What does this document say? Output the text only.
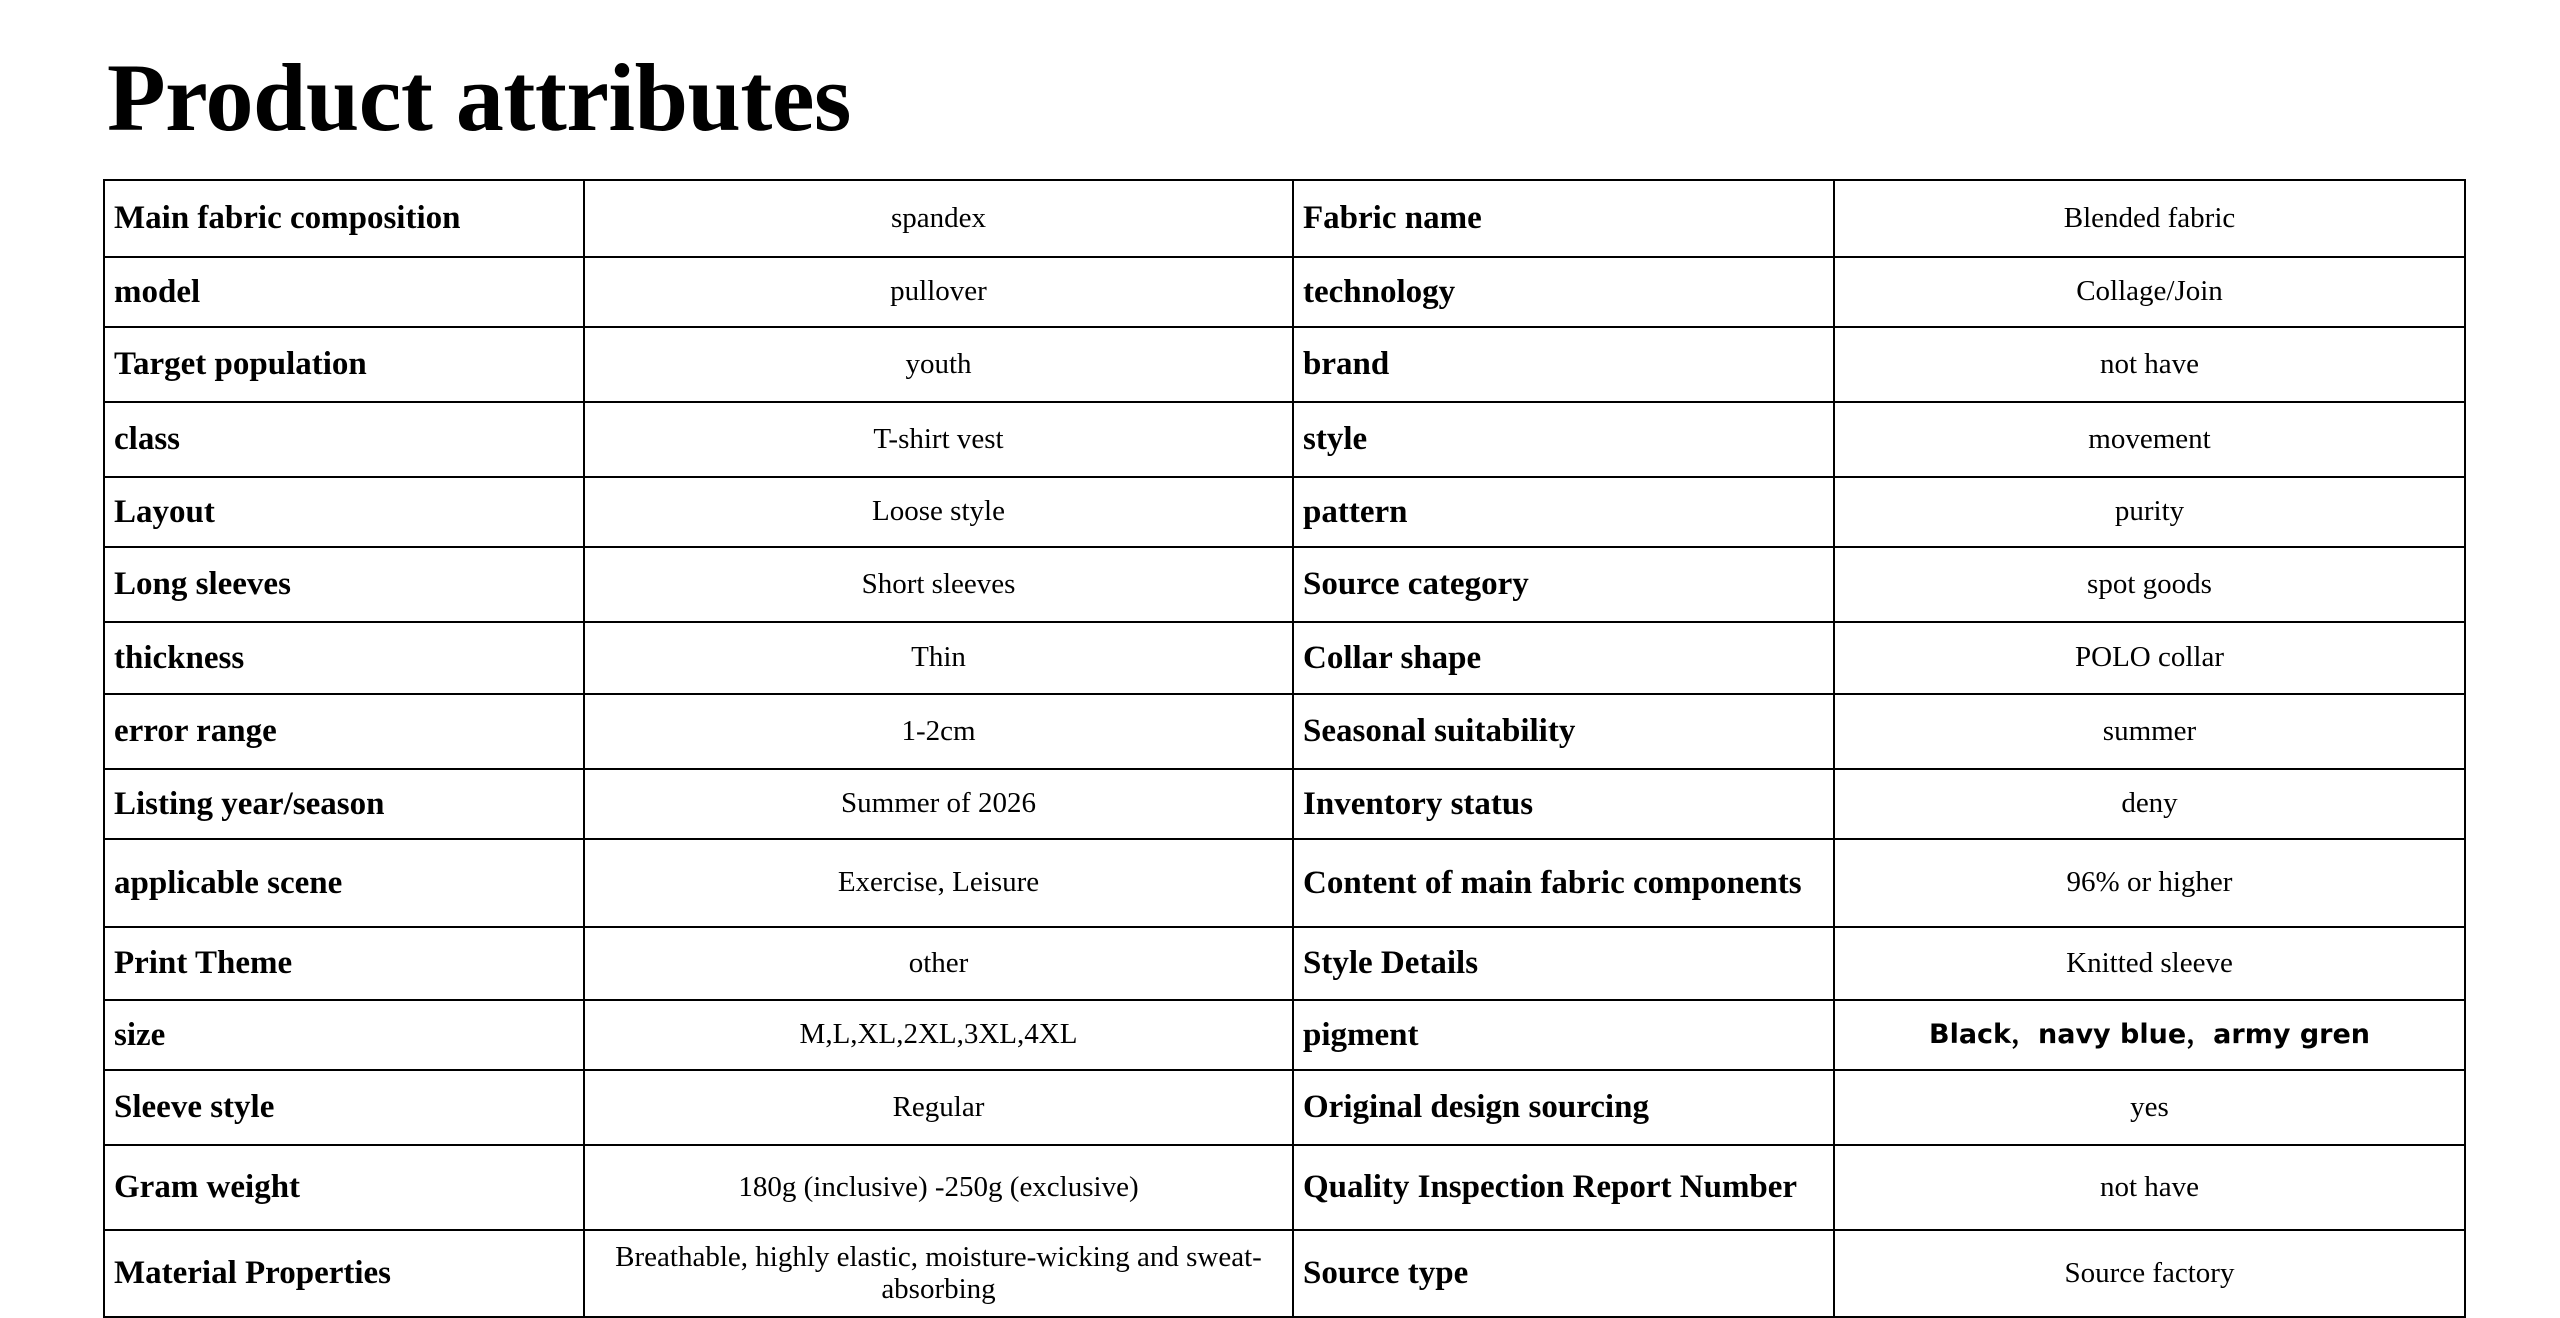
Product attributes
Main fabric composition	spandex	Fabric name	Blended fabric
model	pullover	technology	Collage/Join
Target population	youth	brand	not have
class	T-shirt vest	style	movement
Layout	Loose style	pattern	purity
Long sleeves	Short sleeves	Source category	spot goods
thickness	Thin	Collar shape	POLO collar
error range	1-2cm	Seasonal suitability	summer
Listing year/season	Summer of 2026	Inventory status	deny
applicable scene	Exercise, Leisure	Content of main fabric components	96% or higher
Print Theme	other	Style Details	Knitted sleeve
size	M,L,XL,2XL,3XL,4XL	pigment	Black，navy blue，army gren
Sleeve style	Regular	Original design sourcing	yes
Gram weight	180g (inclusive) -250g (exclusive)	Quality Inspection Report Number	not have
Material Properties	Breathable, highly elastic, moisture-wicking and sweat-absorbing	Source type	Source factory
